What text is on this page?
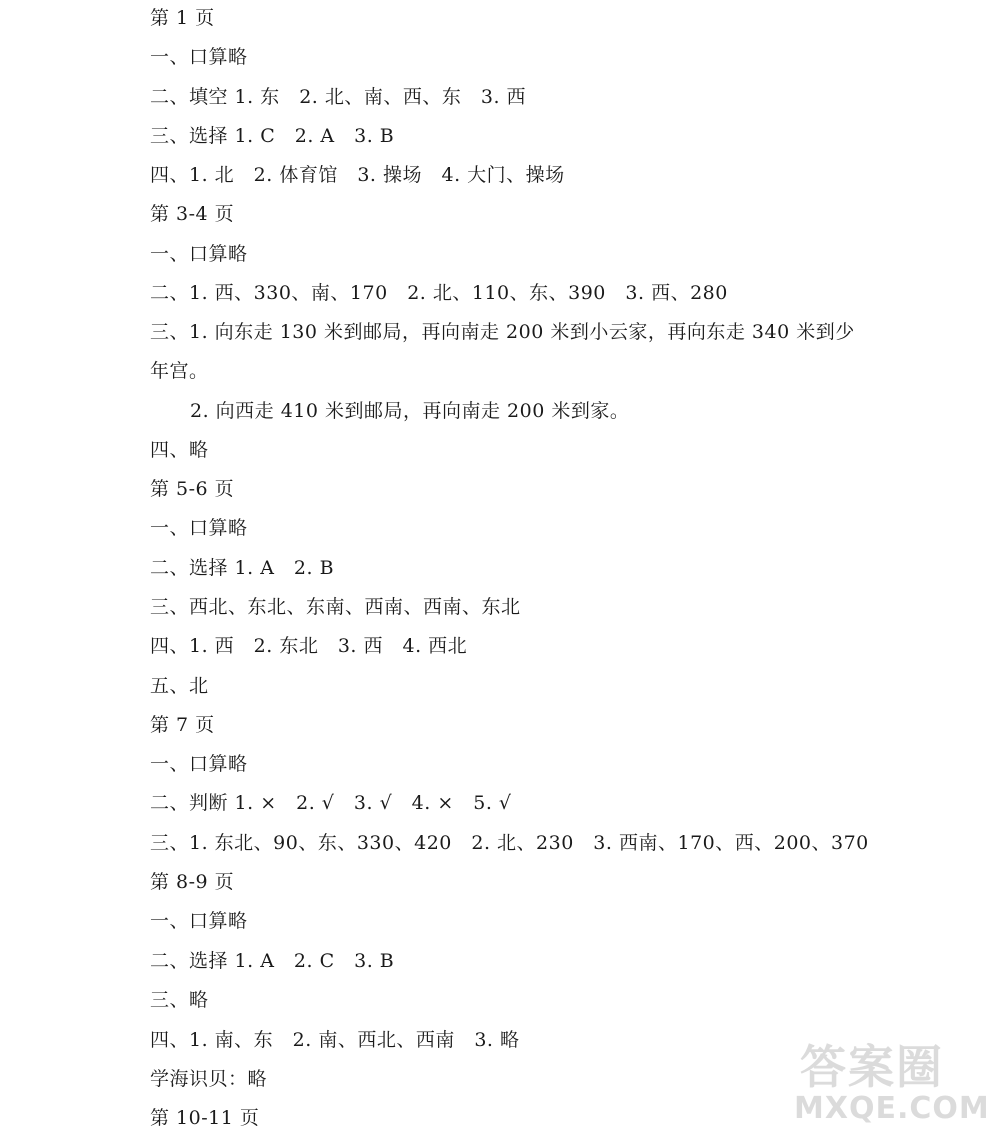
第 1 页
一、口算略
二、填空 1. 东　2. 北、南、西、东　3. 西
三、选择 1. C　2. A　3. B
四、1. 北　2. 体育馆　3. 操场　4. 大门、操场
第 3-4 页
一、口算略
二、1. 西、330、南、170　2. 北、110、东、390　3. 西、280
三、1. 向东走 130 米到邮局，再向南走 200 米到小云家，再向东走 340 米到少
年宫。
2. 向西走 410 米到邮局，再向南走 200 米到家。
四、略
第 5-6 页
一、口算略
二、选择 1. A　2. B
三、西北、东北、东南、西南、西南、东北
四、1. 西　2. 东北　3. 西　4. 西北
五、北
第 7 页
一、口算略
二、判断 1. ×　2. √　3. √　4. ×　5. √
三、1. 东北、90、东、330、420　2. 北、230　3. 西南、170、西、200、370
第 8-9 页
一、口算略
二、选择 1. A　2. C　3. B
三、略
四、1. 南、东　2. 南、西北、西南　3. 略
学海识贝：略
第 10-11 页
答案圈
MXQE.COM
